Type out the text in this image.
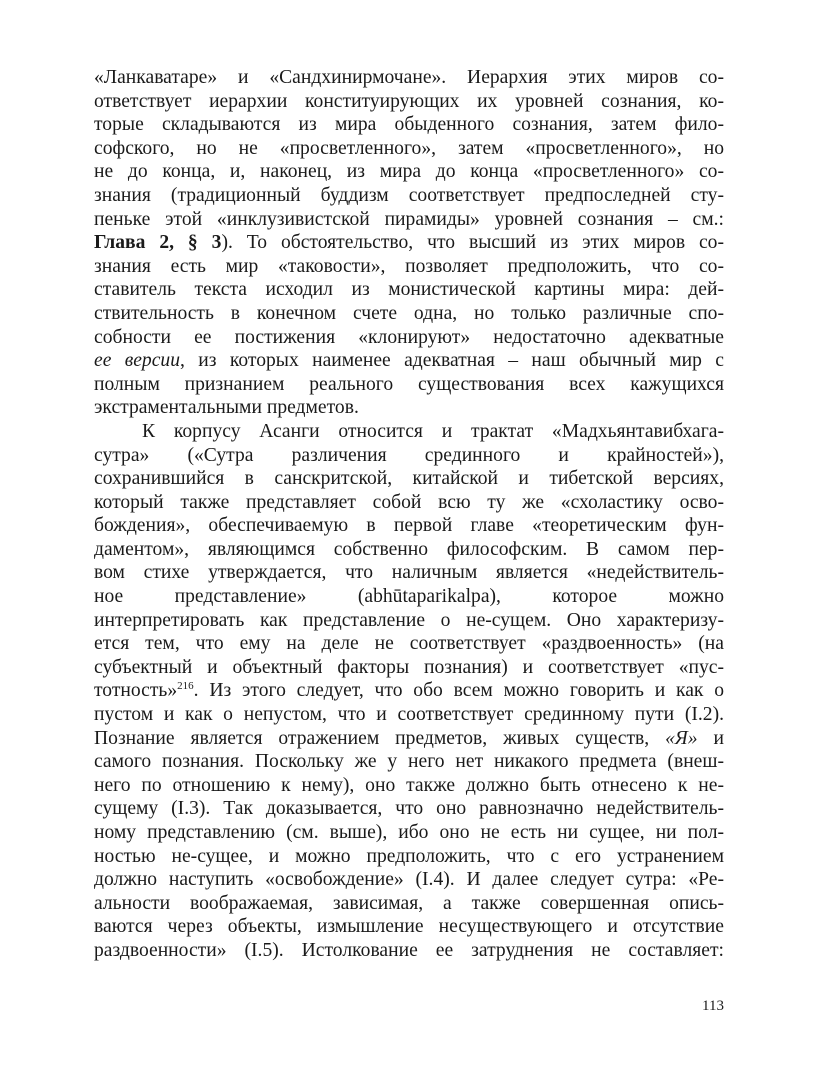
«Ланкаватаре» и «Сандхинирмочане». Иерархия этих миров со-
ответствует иерархии конституирующих их уровней сознания, ко-
торые складываются из мира обыденного сознания, затем фило-
софского, но не «просветленного», затем «просветленного», но
не до конца, и, наконец, из мира до конца «просветленного» со-
знания (традиционный буддизм соответствует предпоследней сту-
пеньке этой «инклузивистской пирамиды» уровней сознания – см.:
Глава 2, § 3). То обстоятельство, что высший из этих миров со-
знания есть мир «таковости», позволяет предположить, что со-
ставитель текста исходил из монистической картины мира: дей-
ствительность в конечном счете одна, но только различные спо-
собности ее постижения «клонируют» недостаточно адекватные
ее версии, из которых наименее адекватная – наш обычный мир с
полным признанием реального существования всех кажущихся
экстраментальными предметов.
К корпусу Асанги относится и трактат «Мадхьянтавибхага-
сутра» («Сутра различения срединного и крайностей»),
сохранившийся в санскритской, китайской и тибетской версиях,
который также представляет собой всю ту же «схоластику осво-
бождения», обеспечиваемую в первой главе «теоретическим фун-
даментом», являющимся собственно философским. В самом пер-
вом стихе утверждается, что наличным является «недействитель-
ное представление» (abhūtaparikalpa), которое можно
интерпретировать как представление о не-сущем. Оно характеризу-
ется тем, что ему на деле не соответствует «раздвоенность» (на
субъектный и объектный факторы познания) и соответствует «пус-
тотность»$^{216}$. Из этого следует, что обо всем можно говорить и как о
пустом и как о непустом, что и соответствует срединному пути (I.2).
Познание является отражением предметов, живых существ, «Я» и
самого познания. Поскольку же у него нет никакого предмета (внеш-
него по отношению к нему), оно также должно быть отнесено к не-
сущему (I.3). Так доказывается, что оно равнозначно недействитель-
ному представлению (см. выше), ибо оно не есть ни сущее, ни пол-
ностью не-сущее, и можно предположить, что с его устранением
должно наступить «освобождение» (I.4). И далее следует сутра: «Ре-
альности воображаемая, зависимая, а также совершенная опись-
ваются через объекты, измышление несуществующего и отсутствие
раздвоенности» (I.5). Истолкование ее затруднения не составляет:
113
